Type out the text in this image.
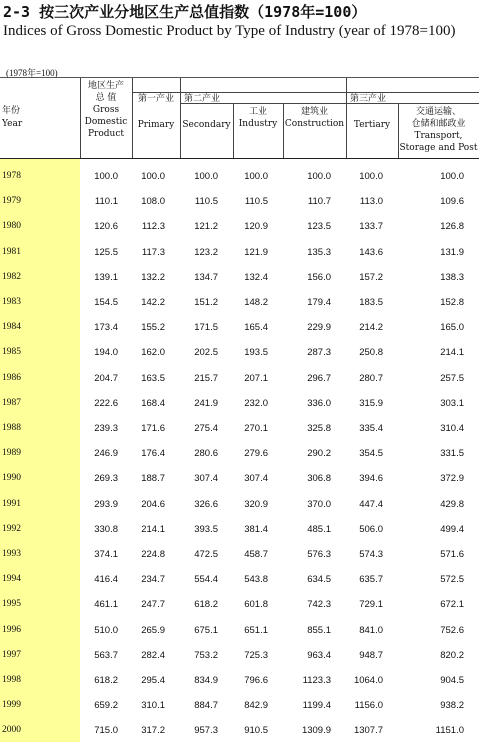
2-3 按三次产业分地区生产总值指数（1978年=100）
Indices of Gross Domestic Product by Type of Industry (year of 1978=100)
(1978年=100)
年份
Year
地区生产
总 值
Gross
Domestic
Product
第一产业
Primary
第二产业
Secondary
工业
Industry
建筑业
Construction
第三产业
Tertiary
交通运输、
仓储和邮政业
Transport,
Storage and Post
1978	100.0 100.0	100.0	100.0	100.0	100.0	100.0
1979	110.1 108.0	110.5	110.5	110.7	113.0	109.6
1980	120.6	112.3	121.2	120.9	123.5	133.7	126.8
1981	125.5	117.3	123.2	121.9	135.3	143.6	131.9
1982	139.1 132.2	134.7	132.4	156.0	157.2	138.3
1983	154.5 142.2	151.2	148.2	179.4	183.5	152.8
1984	173.4 155.2	171.5	165.4	229.9	214.2	165.0
1985	194.0 162.0	202.5	193.5	287.3	250.8	214.1
1986	204.7 163.5	215.7	207.1	296.7	280.7	257.5
1987	222.6 168.4	241.9	232.0	336.0	315.9	303.1
1988	239.3 171.6	275.4	270.1	325.8	335.4	310.4
1989	246.9 176.4	280.6	279.6	290.2	354.5	331.5
1990	269.3 188.7	307.4	307.4	306.8	394.6	372.9
1991	293.9 204.6	326.6	320.9	370.0	447.4	429.8
1992	330.8 214.1	393.5	381.4	485.1	506.0	499.4
1993	374.1 224.8	472.5	458.7	576.3	574.3	571.6
1994	416.4 234.7	554.4	543.8	634.5	635.7	572.5
1995	461.1 247.7	618.2	601.8	742.3	729.1	672.1
1996	510.0 265.9	675.1	651.1	855.1	841.0	752.6
1997	563.7 282.4	753.2	725.3	963.4	948.7	820.2
1998	618.2 295.4	834.9	796.6	1123.3 1064.0	904.5
1999	659.2 310.1	884.7	842.9	1199.4 1156.0	938.2
2000	715.0 317.2	957.3	910.5	1309.9 1307.7	1151.0
